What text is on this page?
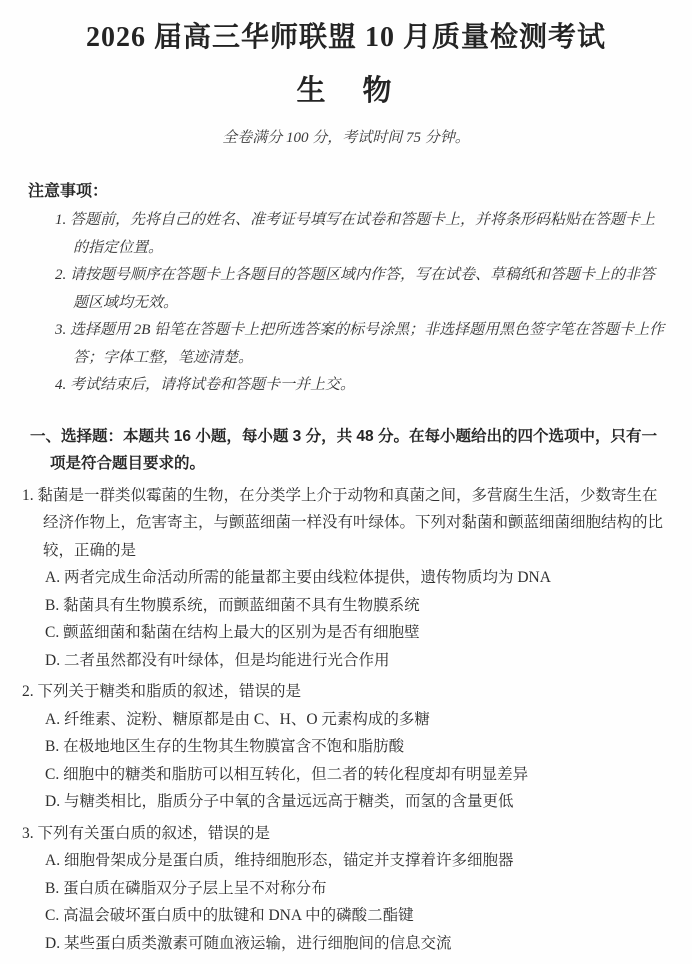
2026 届高三华师联盟 10 月质量检测考试
生　物
全卷满分 100 分，考试时间 75 分钟。
注意事项：

1. 答题前，先将自己的姓名、准考证号填写在试卷和答题卡上，并将条形码粘贴在答题卡上的指定位置。

2. 请按题号顺序在答题卡上各题目的答题区域内作答，写在试卷、草稿纸和答题卡上的非答题区域均无效。

3. 选择题用 2B 铅笔在答题卡上把所选答案的标号涂黑；非选择题用黑色签字笔在答题卡上作答；字体工整，笔迹清楚。

4. 考试结束后，请将试卷和答题卡一并上交。

一、选择题：本题共 16 小题，每小题 3 分，共 48 分。在每小题给出的四个选项中，只有一项是符合题目要求的。

1. 黏菌是一群类似霉菌的生物，在分类学上介于动物和真菌之间，多营腐生生活，少数寄生在经济作物上，危害寄主，与颤蓝细菌一样没有叶绿体。下列对黏菌和颤蓝细菌细胞结构的比较，正确的是

A. 两者完成生命活动所需的能量都主要由线粒体提供，遗传物质均为 DNA

B. 黏菌具有生物膜系统，而颤蓝细菌不具有生物膜系统

C. 颤蓝细菌和黏菌在结构上最大的区别为是否有细胞壁

D. 二者虽然都没有叶绿体，但是均能进行光合作用

2. 下列关于糖类和脂质的叙述，错误的是

A. 纤维素、淀粉、糖原都是由 C、H、O 元素构成的多糖

B. 在极地地区生存的生物其生物膜富含不饱和脂肪酸

C. 细胞中的糖类和脂肪可以相互转化，但二者的转化程度却有明显差异

D. 与糖类相比，脂质分子中氧的含量远远高于糖类，而氢的含量更低

3. 下列有关蛋白质的叙述，错误的是

A. 细胞骨架成分是蛋白质，维持细胞形态，锚定并支撑着许多细胞器

B. 蛋白质在磷脂双分子层上呈不对称分布

C. 高温会破坏蛋白质中的肽键和 DNA 中的磷酸二酯键

D. 某些蛋白质类激素可随血液运输，进行细胞间的信息交流
